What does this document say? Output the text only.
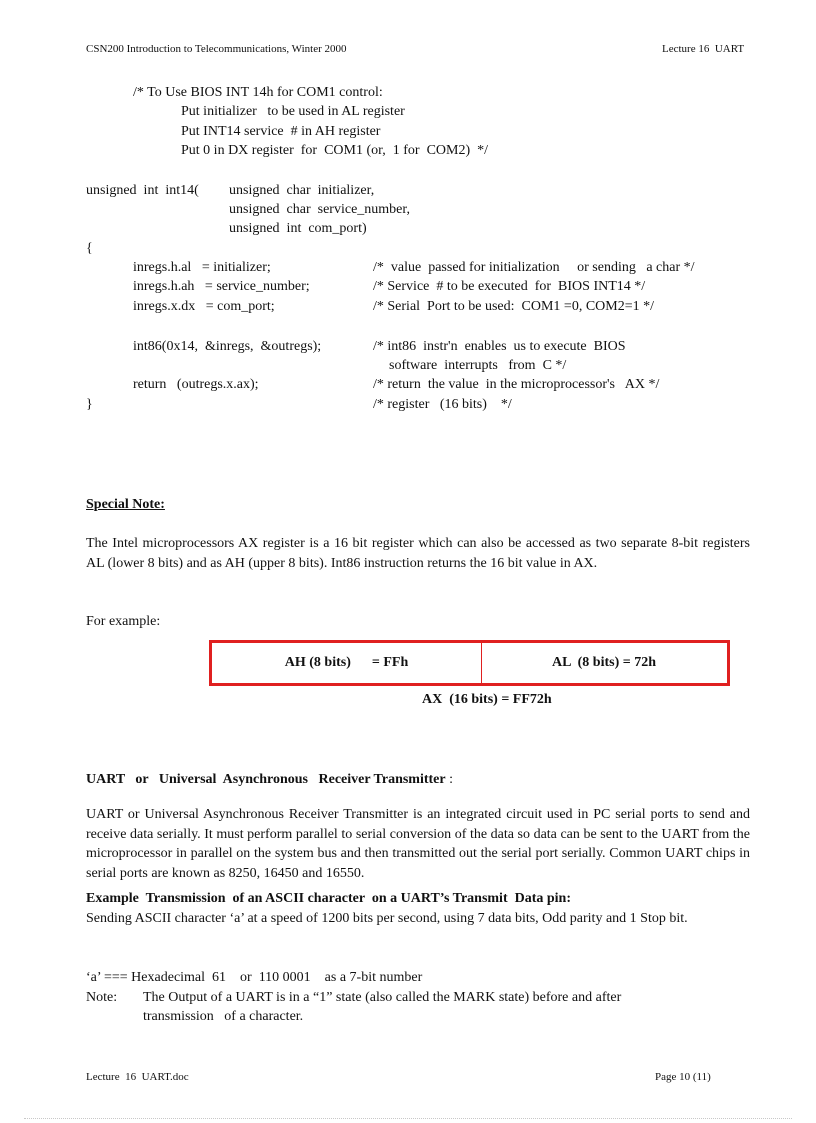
CSN200 Introduction to Telecommunications, Winter 2000	Lecture 16  UART
/* To Use BIOS INT 14h for COM1 control:
Put initializer   to be used in AL register
Put INT14 service  # in AH register
Put 0 in DX register  for  COM1 (or,  1 for  COM2)  */
unsigned  int  int14( unsigned  char  initializer,
unsigned  char  service_number,
unsigned  int  com_port)
{
inregs.h.al   = initializer;	/*  value  passed for initialization     or sending   a char */
inregs.h.ah   = service_number;	/* Service  # to be executed  for  BIOS INT14 */
inregs.x.dx   = com_port;	/* Serial  Port to be used:  COM1 =0, COM2=1 */
int86(0x14,  &inregs,  &outregs);	/* int86  instr'n  enables  us to execute  BIOS
software  interrupts   from  C */
return   (outregs.x.ax);	/* return  the value  in the microprocessor's   AX */
}	/* register   (16 bits)    */
Special Note:
The Intel microprocessors AX register is a 16 bit register which can also be accessed as two separate 8-bit registers AL (lower 8 bits) and as AH (upper 8 bits). Int86 instruction returns the 16 bit value in AX.
For example:
AH (8 bits)      = FFh	AL  (8 bits) = 72h
AX  (16 bits) = FF72h
UART   or   Universal  Asynchronous   Receiver Transmitter :
UART or Universal Asynchronous Receiver Transmitter is an integrated circuit used in PC serial ports to send and receive data serially. It must perform parallel to serial conversion of the data so data can be sent to the UART from the microprocessor in parallel on the system bus and then transmitted out the serial port serially. Common UART chips in serial ports are known as 8250, 16450 and 16550.
Example  Transmission  of an ASCII character  on a UART’s Transmit  Data pin:
Sending ASCII character ‘a’ at a speed of 1200 bits per second, using 7 data bits, Odd parity and 1 Stop bit.
‘a’ === Hexadecimal  61    or  110 0001    as a 7-bit number
Note: The Output of a UART is in a “1” state (also called the MARK state) before and after
transmission   of a character.
Lecture  16  UART.doc	Page 10 (11)
